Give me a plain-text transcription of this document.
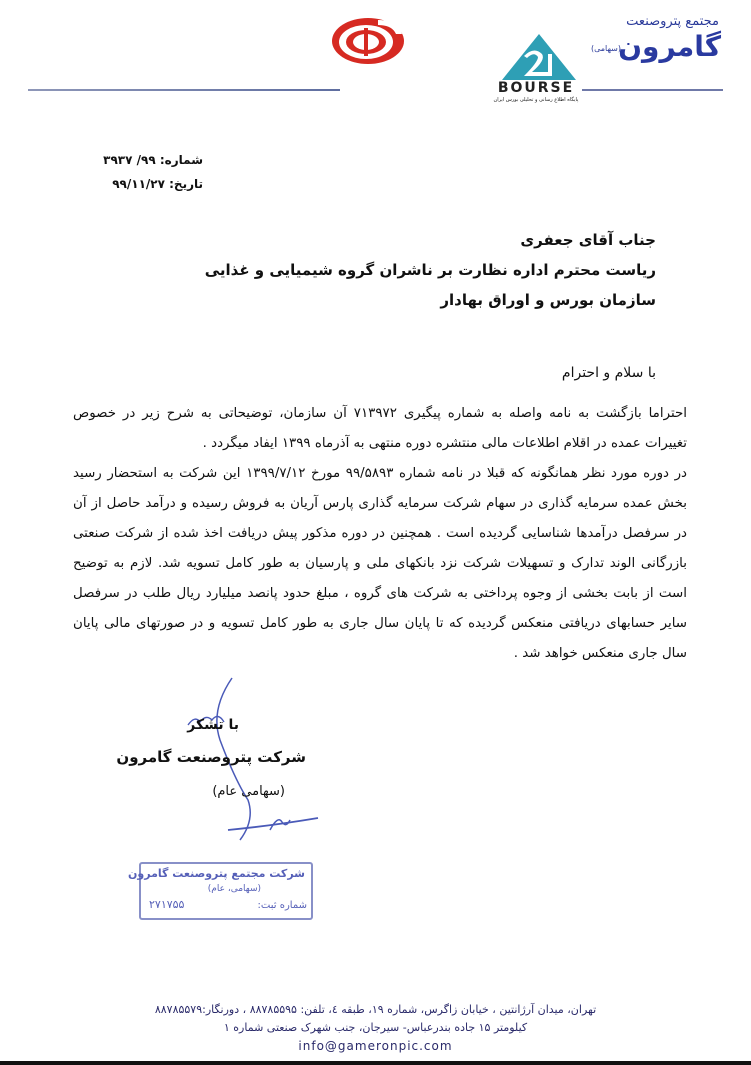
BOURSE
پایگاه اطلاع رسانی و تحلیلی بورس ایران
مجتمع پتروصنعت
گامرون
(سهامی)
شماره: ۹۹/ ۳۹۳۷
تاریخ: ۹۹/۱۱/۲۷
جناب آقای جعفری
ریاست محترم اداره نظارت بر ناشران گروه شیمیایی و غذایی
سازمان بورس و اوراق بهادار
با سلام و احترام
احتراما بازگشت به نامه واصله به شماره پیگیری ۷۱۳۹۷۲ آن سازمان، توضیحاتی به شرح زیر در خصوص
تغییرات عمده در اقلام اطلاعات مالی منتشره دوره منتهی به آذرماه ۱۳۹۹ ایفاد میگردد .
در دوره مورد نظر همانگونه که قبلا در نامه شماره ۹۹/۵۸۹۳ مورخ ۱۳۹۹/۷/۱۲ این شرکت به استحضار رسید
بخش عمده سرمایه گذاری در سهام شرکت سرمایه گذاری پارس آریان به فروش رسیده و درآمد حاصل از آن
در سرفصل درآمدها شناسایی گردیده است . همچنین در دوره مذکور پیش دریافت اخذ شده از شرکت صنعتی
بازرگانی الوند تدارک و تسهیلات شرکت نزد بانکهای ملی و پارسیان به طور کامل تسویه شد. لازم به توضیح
است از بابت بخشی از وجوه پرداختی به شرکت های گروه ، مبلغ حدود پانصد میلیارد ریال طلب در سرفصل
سایر حسابهای دریافتی منعکس گردیده که تا پایان سال جاری به طور کامل تسویه و در صورتهای مالی پایان
سال جاری منعکس خواهد شد .
با تشکر
شرکت پتروصنعت گامرون
(سهامی عام)
شرکت مجتمع پتروصنعت گامرون
(سهامی، عام)
شماره ثبت:
۲۷۱۷۵۵
تهران، میدان آرژانتین ، خیابان زاگرس، شماره ۱۹، طبقه ٤، تلفن: ۸۸۷۸۵۵۹۵ ، دورنگار:۸۸۷۸۵۵۷۹
کیلومتر ۱۵ جاده بندرعباس- سیرجان، جنب شهرک صنعتی شماره ۱
info@gameronpic.com
